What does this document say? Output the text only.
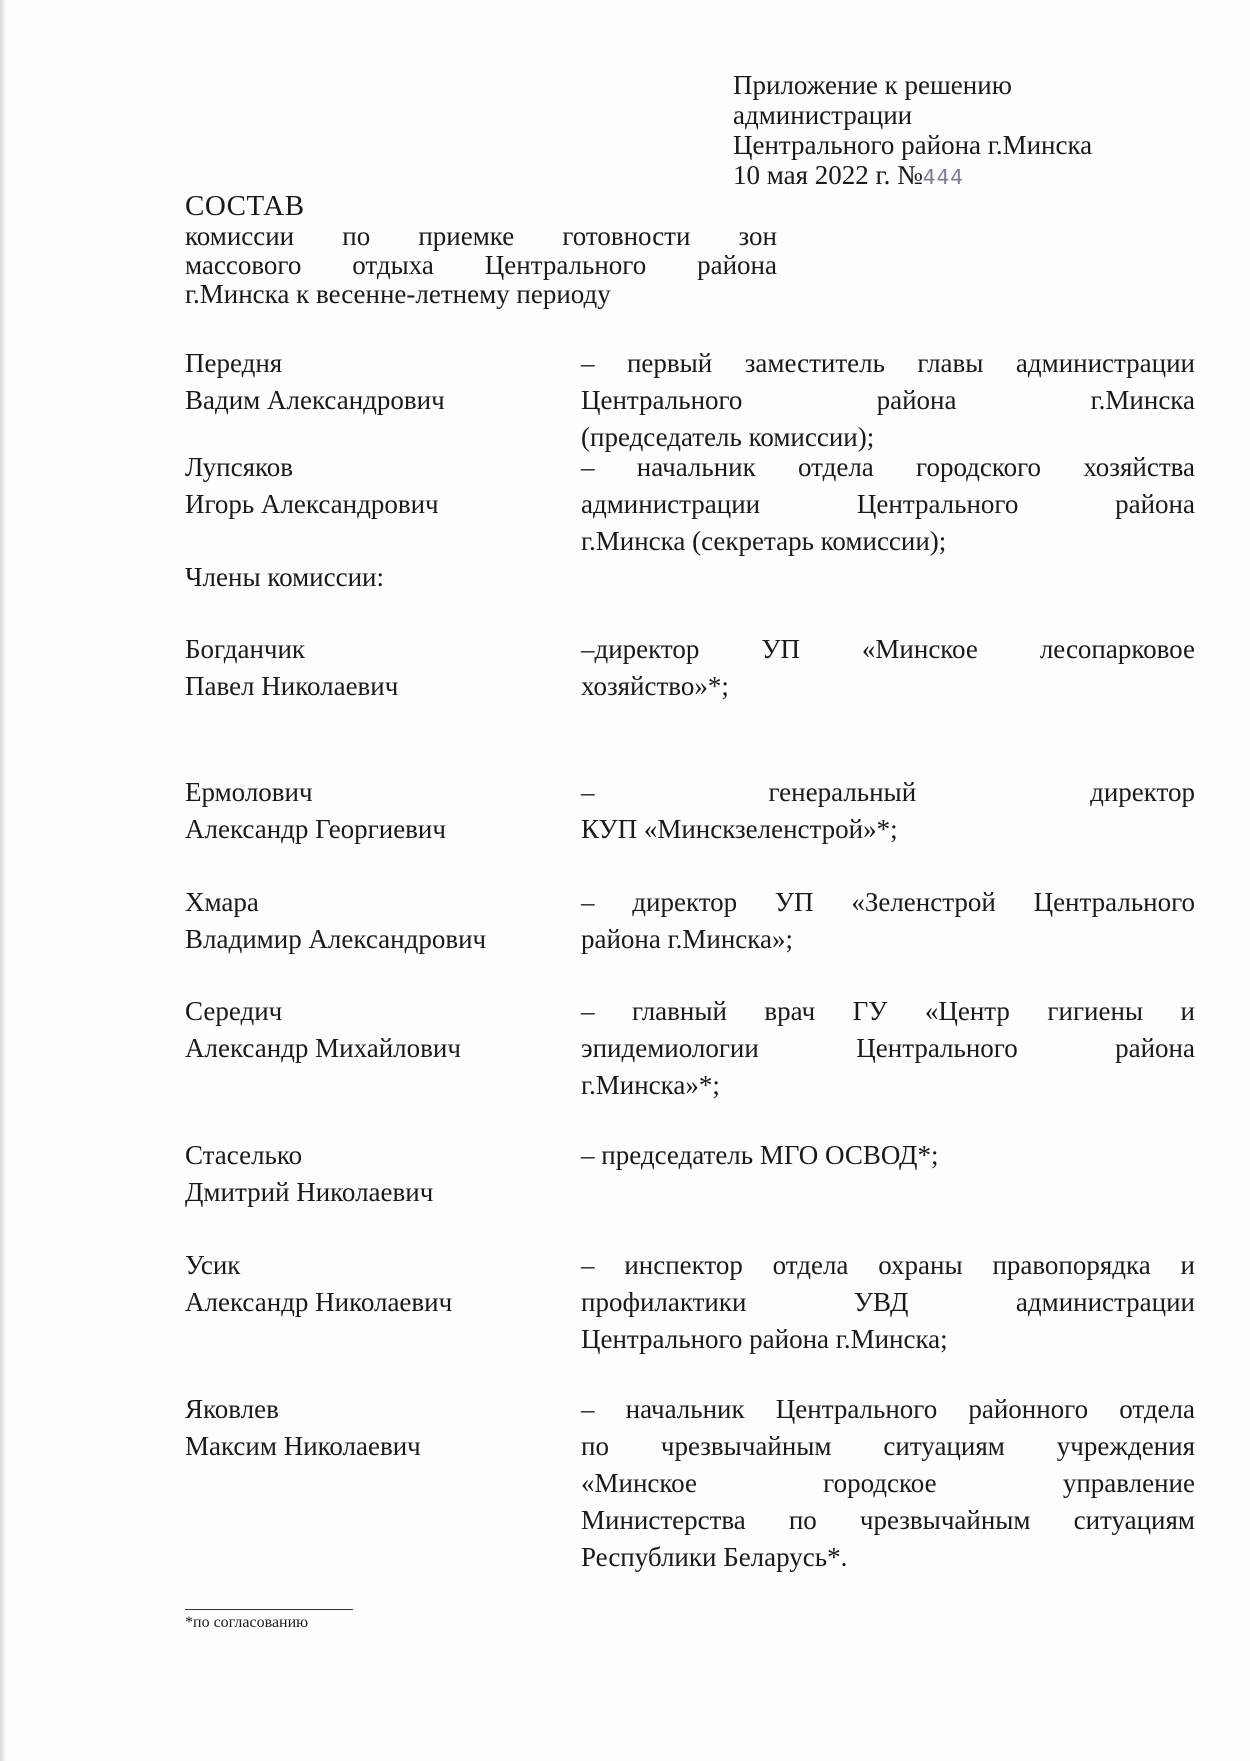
Приложение к решению
администрации
Центрального района г.Минска
10 мая 2022 г. №444
СОСТАВ
комиссии по приемке готовности зон
массового отдыха Центрального района
г.Минска к весенне-летнему периоду
Передня
Вадим Александрович
– первый заместитель главы администрации
Центрального района г.Минска
(председатель комиссии);
Лупсяков
Игорь Александрович
– начальник отдела городского хозяйства
администрации Центрального района
г.Минска (секретарь комиссии);
Члены комиссии:
Богданчик
Павел Николаевич
–директор УП «Минское лесопарковое
хозяйство»*;
Ермолович
Александр Георгиевич
– генеральный директор
КУП «Минскзеленстрой»*;
Хмара
Владимир Александрович
– директор УП «Зеленстрой Центрального
района г.Минска»;
Середич
Александр Михайлович
– главный врач ГУ «Центр гигиены и
эпидемиологии Центрального района
г.Минска»*;
Стаселько
Дмитрий Николаевич
– председатель МГО ОСВОД*;
Усик
Александр Николаевич
– инспектор отдела охраны правопорядка и
профилактики УВД администрации
Центрального района г.Минска;
Яковлев
Максим Николаевич
– начальник Центрального районного отдела
по чрезвычайным ситуациям учреждения
«Минское городское управление
Министерства по чрезвычайным ситуациям
Республики Беларусь*.
*по согласованию
